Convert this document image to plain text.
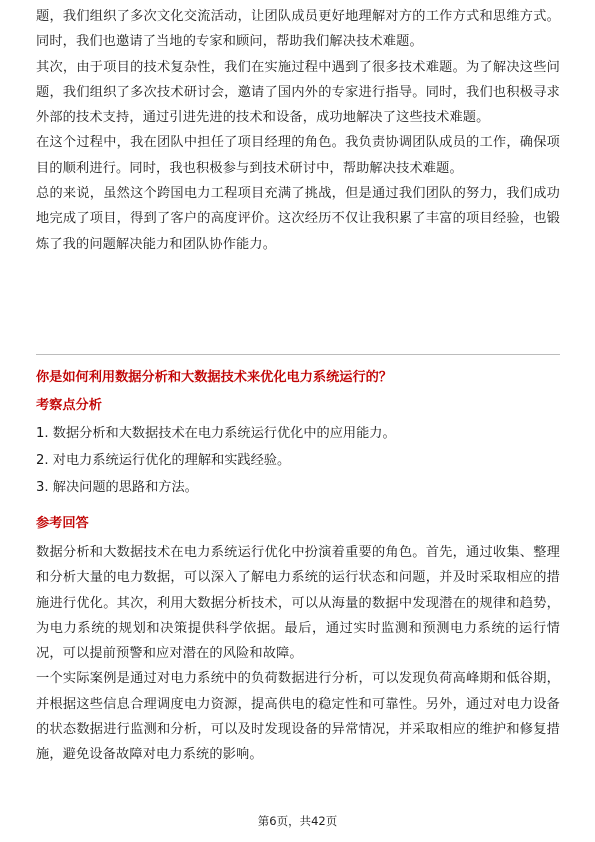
题，我们组织了多次文化交流活动，让团队成员更好地理解对方的工作方式和思维方式。同时，我们也邀请了当地的专家和顾问，帮助我们解决技术难题。

其次，由于项目的技术复杂性，我们在实施过程中遇到了很多技术难题。为了解决这些问题，我们组织了多次技术研讨会，邀请了国内外的专家进行指导。同时，我们也积极寻求外部的技术支持，通过引进先进的技术和设备，成功地解决了这些技术难题。

在这个过程中，我在团队中担任了项目经理的角色。我负责协调团队成员的工作，确保项目的顺利进行。同时，我也积极参与到技术研讨中，帮助解决技术难题。

总的来说，虽然这个跨国电力工程项目充满了挑战，但是通过我们团队的努力，我们成功地完成了项目，得到了客户的高度评价。这次经历不仅让我积累了丰富的项目经验，也锻炼了我的问题解决能力和团队协作能力。

你是如何利用数据分析和大数据技术来优化电力系统运行的？
考察点分析

1. 数据分析和大数据技术在电力系统运行优化中的应用能力。

2. 对电力系统运行优化的理解和实践经验。

3. 解决问题的思路和方法。

参考回答

数据分析和大数据技术在电力系统运行优化中扮演着重要的角色。首先，通过收集、整理和分析大量的电力数据，可以深入了解电力系统的运行状态和问题，并及时采取相应的措施进行优化。其次，利用大数据分析技术，可以从海量的数据中发现潜在的规律和趋势，为电力系统的规划和决策提供科学依据。最后，通过实时监测和预测电力系统的运行情况，可以提前预警和应对潜在的风险和故障。

一个实际案例是通过对电力系统中的负荷数据进行分析，可以发现负荷高峰期和低谷期，并根据这些信息合理调度电力资源，提高供电的稳定性和可靠性。另外，通过对电力设备的状态数据进行监测和分析，可以及时发现设备的异常情况，并采取相应的维护和修复措施，避免设备故障对电力系统的影响。

第6页，共42页
